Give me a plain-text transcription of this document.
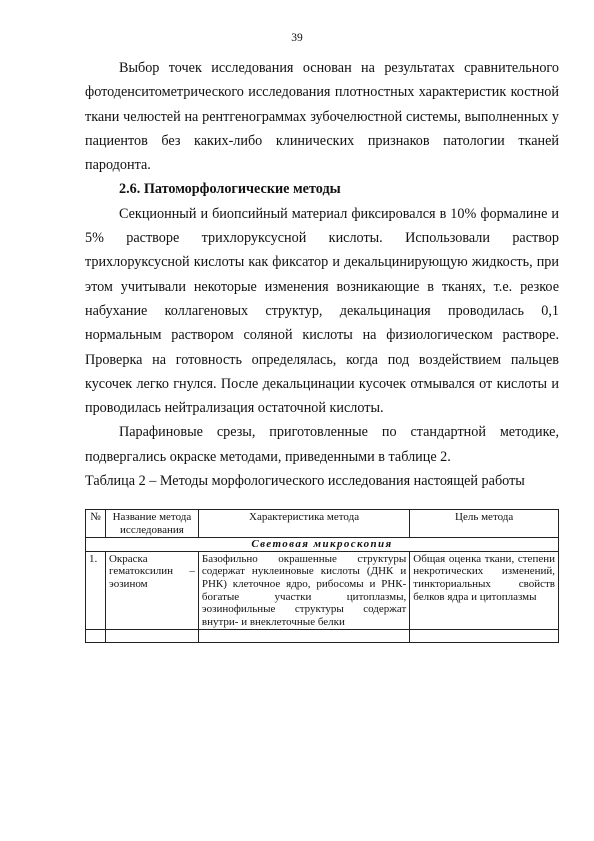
39

Выбор точек исследования основан на результатах сравнительного фотоденситометрического исследования плотностных характеристик костной ткани челюстей на рентгенограммах зубочелюстной системы, выполненных у пациентов без каких-либо клинических признаков патологии тканей пародонта.

2.6. Патоморфологические методы

Секционный и биопсийный материал фиксировался в 10% формалине и 5% растворе трихлоруксусной кислоты. Использовали раствор трихлоруксусной кислоты как фиксатор и декальцинирующую жидкость, при этом учитывали некоторые изменения возникающие в тканях, т.е. резкое набухание коллагеновых структур, декальцинация проводилась 0,1 нормальным раствором соляной кислоты на физиологическом растворе. Проверка на готовность определялась, когда под воздействием пальцев кусочек легко гнулся. После декальцинации кусочек отмывался от кислоты и проводилась нейтрализация остаточной кислоты.

Парафиновые срезы, приготовленные по стандартной методике, подвергались окраске методами, приведенными в таблице 2.

Таблица 2 – Методы морфологического исследования настоящей работы

№	Название метода исследования	Характеристика метода	Цель метода
Световая микроскопия			
1.	Окраска гематоксилин – эозином	Базофильно окрашенные структуры содержат нуклеиновые кислоты (ДНК и РНК) клеточное ядро, рибосомы и РНК-богатые участки цитоплазмы, эозинофильные структуры содержат внутри- и внеклеточные белки	Общая оценка ткани, степени некротических изменений, тинкториальных свойств белков ядра и цитоплазмы
